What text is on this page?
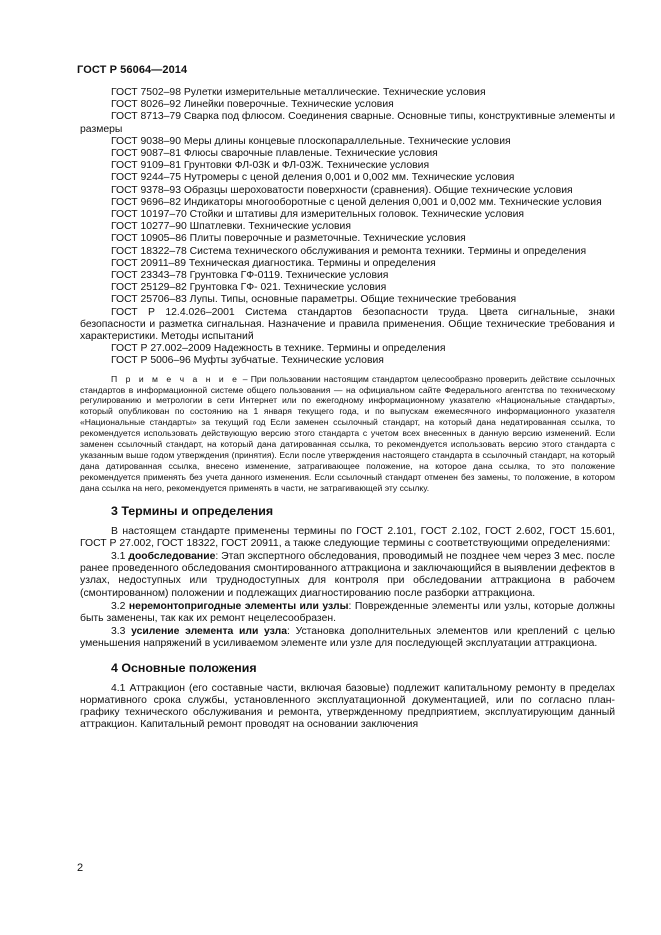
ГОСТ Р 56064—2014

ГОСТ 7502–98 Рулетки измерительные металлические. Технические условия

ГОСТ 8026–92 Линейки поверочные. Технические условия

ГОСТ 8713–79 Сварка под флюсом. Соединения сварные. Основные типы, конструктивные элементы и размеры

ГОСТ 9038–90 Меры длины концевые плоскопараллельные. Технические условия

ГОСТ 9087–81 Флюсы сварочные плавленые. Технические условия

ГОСТ 9109–81 Грунтовки ФЛ-03К и ФЛ-03Ж. Технические условия

ГОСТ 9244–75 Нутромеры с ценой деления 0,001 и 0,002 мм. Технические условия

ГОСТ 9378–93 Образцы шероховатости поверхности (сравнения). Общие технические условия

ГОСТ 9696–82 Индикаторы многооборотные с ценой деления 0,001 и 0,002 мм. Технические условия

ГОСТ 10197–70 Стойки и штативы для измерительных головок. Технические условия

ГОСТ 10277–90 Шпатлевки. Технические условия

ГОСТ 10905–86 Плиты поверочные и разметочные. Технические условия

ГОСТ 18322–78 Система технического обслуживания и ремонта техники. Термины и определения

ГОСТ 20911–89 Техническая диагностика. Термины и определения

ГОСТ 23343–78 Грунтовка ГФ-0119. Технические условия

ГОСТ 25129–82 Грунтовка ГФ- 021. Технические условия

ГОСТ 25706–83 Лупы. Типы, основные параметры. Общие технические требования

ГОСТ Р 12.4.026–2001 Система стандартов безопасности труда. Цвета сигнальные, знаки безопасности и разметка сигнальная. Назначение и правила применения. Общие технические требования и характеристики. Методы испытаний

ГОСТ Р 27.002–2009 Надежность в технике. Термины и определения

ГОСТ Р 5006–96 Муфты зубчатые. Технические условия

П р и м е ч а н и е – При пользовании настоящим стандартом целесообразно проверить действие ссылочных стандартов в информационной системе общего пользования — на официальном сайте Федерального агентства по техническому регулированию и метрологии в сети Интернет или по ежегодному информационному указателю «Национальные стандарты», который опубликован по состоянию на 1 января текущего года, и по выпускам ежемесячного информационного указателя «Национальные стандарты» за текущий год Если заменен ссылочный стандарт, на который дана недатированная ссылка, то рекомендуется использовать действующую версию этого стандарта с учетом всех внесенных в данную версию изменений. Если заменен ссылочный стандарт, на который дана датированная ссылка, то рекомендуется использовать версию этого стандарта с указанным выше годом утверждения (принятия). Если после утверждения настоящего стандарта в ссылочный стандарт, на который дана датированная ссылка, внесено изменение, затрагивающее положение, на которое дана ссылка, то это положение рекомендуется применять без учета данного изменения. Если ссылочный стандарт отменен без замены, то положение, в котором дана ссылка на него, рекомендуется применять в части, не затрагивающей эту ссылку.

3 Термины и определения

В настоящем стандарте применены термины по ГОСТ 2.101, ГОСТ 2.102, ГОСТ 2.602, ГОСТ 15.601, ГОСТ Р 27.002, ГОСТ 18322, ГОСТ 20911, а также следующие термины с соответствующими определениями:

3.1 дообследование: Этап экспертного обследования, проводимый не позднее чем через 3 мес. после ранее проведенного обследования смонтированного аттракциона и заключающийся в выявлении дефектов в узлах, недоступных или труднодоступных для контроля при обследовании аттракциона в рабочем (смонтированном) положении и подлежащих диагностированию после разборки аттракциона.

3.2 неремонтопригодные элементы или узлы: Поврежденные элементы или узлы, которые должны быть заменены, так как их ремонт нецелесообразен.

3.3 усиление элемента или узла: Установка дополнительных элементов или креплений с целью уменьшения напряжений в усиливаемом элементе или узле для последующей эксплуатации аттракциона.

4 Основные положения

4.1 Аттракцион (его составные части, включая базовые) подлежит капитальному ремонту в пределах нормативного срока службы, установленного эксплуатационной документацией, или по согласно план-графику технического обслуживания и ремонта, утвержденному предприятием, эксплуатирующим данный аттракцион. Капитальный ремонт проводят на основании заключения

2
